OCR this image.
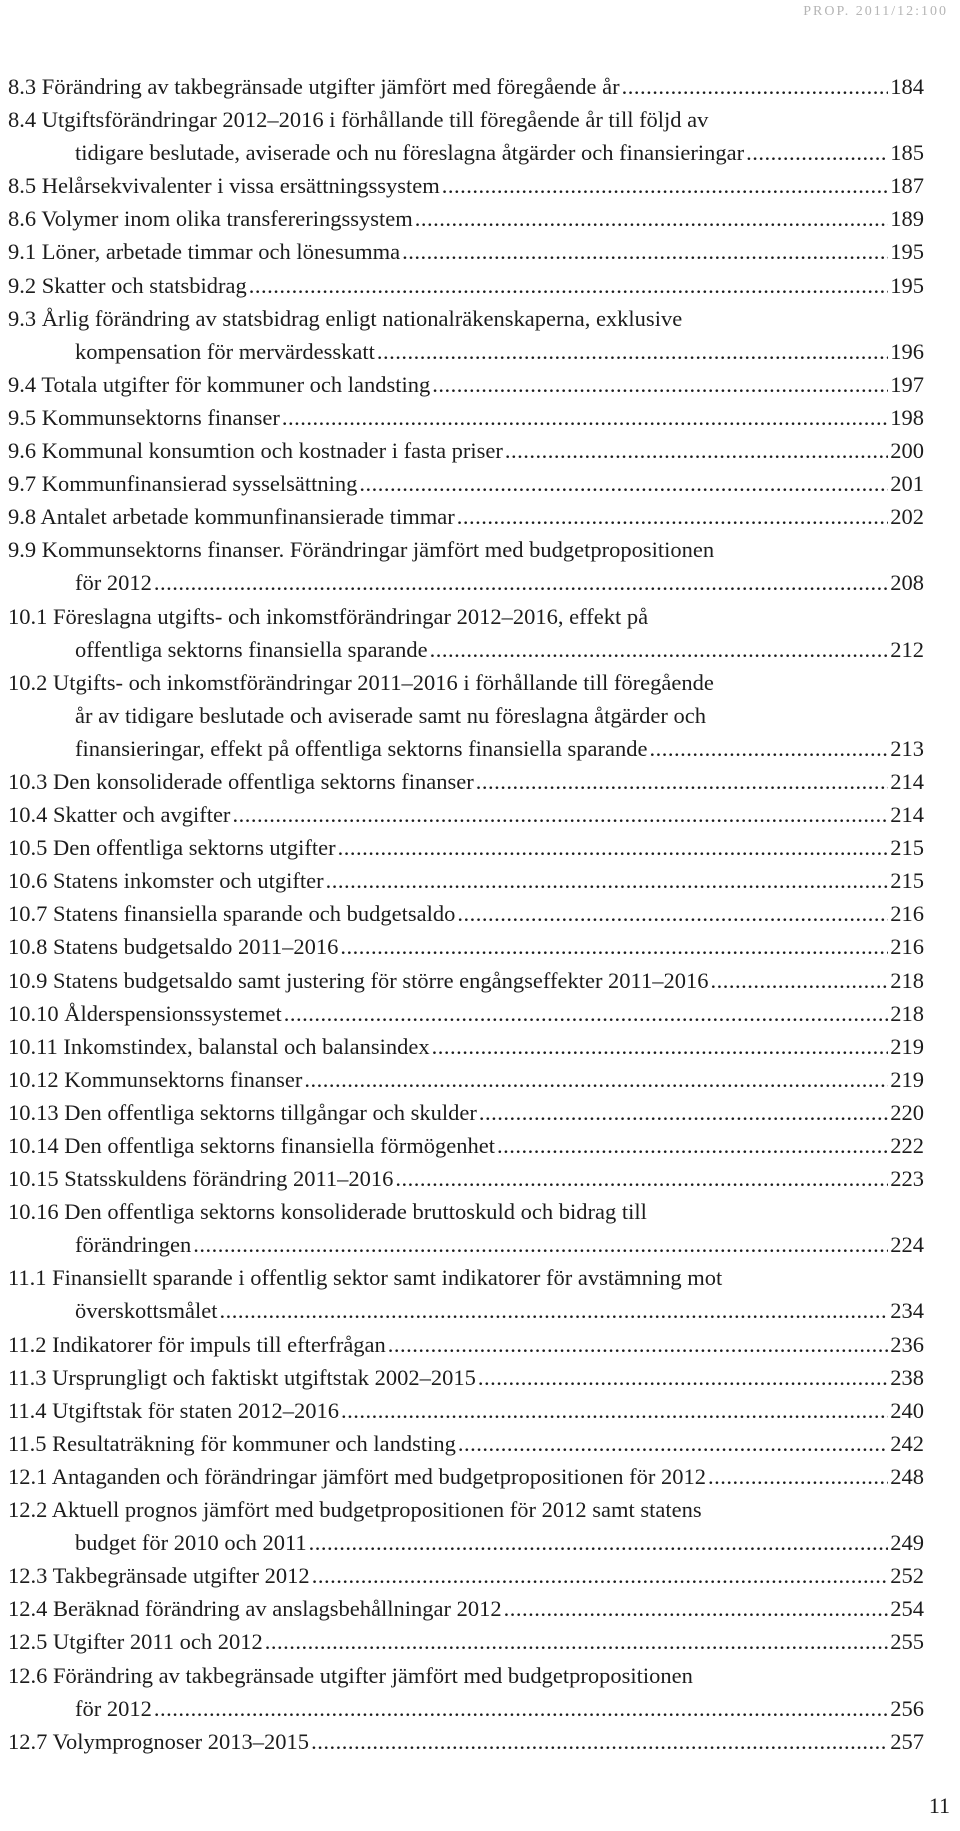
PROP. 2011/12:100
8.3 Förändring av takbegränsade utgifter jämfört med föregående år .....	184
8.4 Utgiftsförändringar 2012–2016 i förhållande till föregående år till följd av
tidigare beslutade, aviserade och nu föreslagna åtgärder och finansieringar .....	185
8.5 Helårsekvivalenter i vissa ersättningssystem .....	187
8.6 Volymer inom olika transfereringssystem .....	189
9.1 Löner, arbetade timmar och lönesumma .....	195
9.2 Skatter och statsbidrag .....	195
9.3 Årlig förändring av statsbidrag enligt nationalräkenskaperna, exklusive
kompensation för mervärdesskatt .....	196
9.4 Totala utgifter för kommuner och landsting .....	197
9.5 Kommunsektorns finanser .....	198
9.6 Kommunal konsumtion och kostnader i fasta priser .....	200
9.7 Kommunfinansierad sysselsättning .....	201
9.8 Antalet arbetade kommunfinansierade timmar .....	202
9.9 Kommunsektorns finanser. Förändringar jämfört med budgetpropositionen
för 2012 .....	208
10.1 Föreslagna utgifts- och inkomstförändringar 2012–2016, effekt på
offentliga sektorns finansiella sparande .....	212
10.2 Utgifts- och inkomstförändringar 2011–2016 i förhållande till föregående
år av tidigare beslutade och aviserade samt nu föreslagna åtgärder och
finansieringar, effekt på offentliga sektorns finansiella sparande .....	213
10.3 Den konsoliderade offentliga sektorns finanser .....	214
10.4 Skatter och avgifter .....	214
10.5 Den offentliga sektorns utgifter .....	215
10.6 Statens inkomster och utgifter .....	215
10.7 Statens finansiella sparande och budgetsaldo .....	216
10.8 Statens budgetsaldo 2011–2016 .....	216
10.9 Statens budgetsaldo samt justering för större engångseffekter 2011–2016 .....	218
10.10 Ålderspensionssystemet .....	218
10.11 Inkomstindex, balanstal och balansindex .....	219
10.12 Kommunsektorns finanser .....	219
10.13 Den offentliga sektorns tillgångar och skulder .....	220
10.14 Den offentliga sektorns finansiella förmögenhet .....	222
10.15 Statsskuldens förändring 2011–2016 .....	223
10.16 Den offentliga sektorns konsoliderade bruttoskuld och bidrag till
förändringen .....	224
11.1 Finansiellt sparande i offentlig sektor samt indikatorer för avstämning mot
överskottsmålet .....	234
11.2 Indikatorer för impuls till efterfrågan .....	236
11.3 Ursprungligt och faktiskt utgiftstak 2002–2015 .....	238
11.4 Utgiftstak för staten 2012–2016 .....	240
11.5 Resultaträkning för kommuner och landsting .....	242
12.1 Antaganden och förändringar jämfört med budgetpropositionen för 2012 .....	248
12.2 Aktuell prognos jämfört med budgetpropositionen för 2012 samt statens
budget för 2010 och 2011 .....	249
12.3 Takbegränsade utgifter 2012 .....	252
12.4 Beräknad förändring av anslagsbehållningar 2012 .....	254
12.5 Utgifter 2011 och 2012 .....	255
12.6 Förändring av takbegränsade utgifter jämfört med budgetpropositionen
för 2012 .....	256
12.7 Volymprognoser 2013–2015 .....	257
11
